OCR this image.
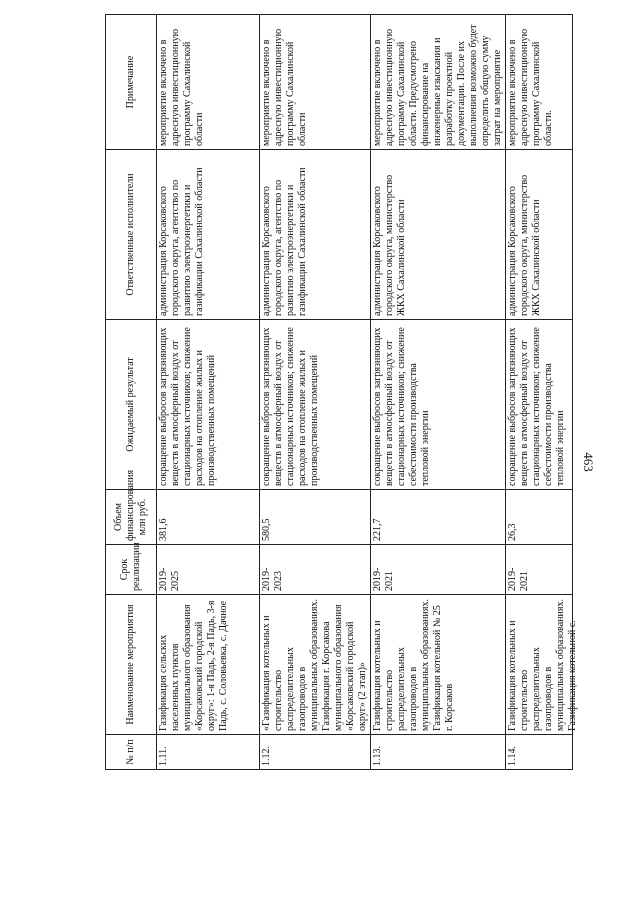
№ п/п	Наименование мероприятия	Срок реализации	Объем финансирования млн руб.	Ожидаемый результат	Ответственные исполнители	Примечание
1.11.	Газификация сельских населенных пунктов муниципального образования «Корсаковский городской округ»: 1-я Падь, 2-я Падь, 3-я Падь, с. Соловьевка, с. Дачное	2019-2025	381,6	сокращение выбросов загрязняющих веществ в атмосферный воздух от стационарных источников; снижение расходов на отопление жилых и производственных помещений	администрация Корсаковского городского округа, агентство по развитию электроэнергетики и газификации Сахалинской области	мероприятие включено в адресную инвестиционную программу Сахалинской области
1.12.	«Газификация котельных и строительство распределительных газопроводов в муниципальных образованиях. Газификация г. Корсакова муниципального образования «Корсаковский городской округ» (2 этап)»	2019-2023	580,5	сокращение выбросов загрязняющих веществ в атмосферный воздух от стационарных источников; снижение расходов на отопление жилых и производственных помещений	администрация Корсаковского городского округа, агентство по развитию электроэнергетики и газификации Сахалинской области	мероприятие включено в адресную инвестиционную программу Сахалинской области
1.13.	Газификация котельных и строительство распределительных газопроводов в муниципальных образованиях. Газификация котельной № 25 г. Корсаков	2019-2021	221,7	сокращение выбросов загрязняющих веществ в атмосферный воздух от стационарных источников; снижение себестоимости производства тепловой энергии	администрация Корсаковского городского округа, министерство ЖКХ Сахалинской области	мероприятие включено в адресную инвестиционную программу Сахалинской области. Предусмотрено финансирование на инженерные изыскания и разработку проектной документации. После их выполнения возможно будет определить общую сумму затрат на мероприятие
1.14.	Газификация котельных и строительство распределительных газопроводов в муниципальных образованиях. Газификация котельной с.	2019-2021	26,3	сокращение выбросов загрязняющих веществ в атмосферный воздух от стационарных источников; снижение себестоимости производства тепловой энергии	администрация Корсаковского городского округа, министерство ЖКХ Сахалинской области	мероприятие включено в адресную инвестиционную программу Сахалинской области.
463
